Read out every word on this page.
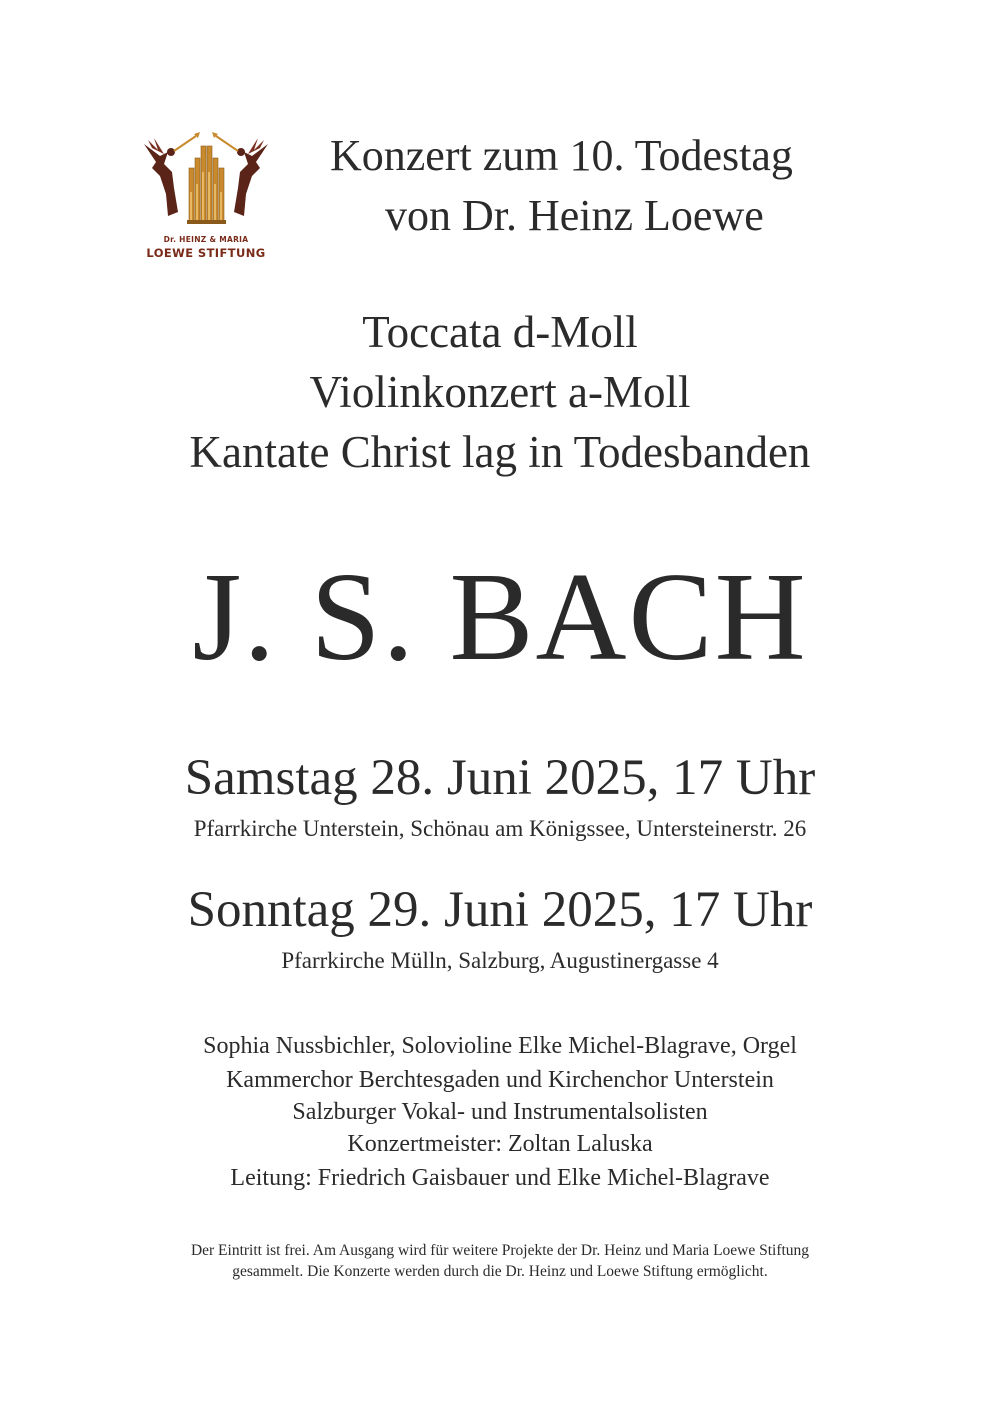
Dr. HEINZ & MARIA
LOEWE STIFTUNG
Konzert zum 10. Todestag
von Dr. Heinz Loewe
Toccata d-Moll
Violinkonzert a-Moll
Kantate Christ lag in Todesbanden
J. S. BACH
Samstag 28. Juni 2025, 17 Uhr
Pfarrkirche Unterstein, Schönau am Königssee, Untersteinerstr. 26
Sonntag 29. Juni 2025, 17 Uhr
Pfarrkirche Mülln, Salzburg, Augustinergasse 4
Sophia Nussbichler, Solovioline Elke Michel-Blagrave, Orgel
Kammerchor Berchtesgaden und Kirchenchor Unterstein
Salzburger Vokal- und Instrumentalsolisten
Konzertmeister: Zoltan Laluska
Leitung: Friedrich Gaisbauer und Elke Michel-Blagrave
Der Eintritt ist frei. Am Ausgang wird für weitere Projekte der Dr. Heinz und Maria Loewe Stiftung
gesammelt. Die Konzerte werden durch die Dr. Heinz und Loewe Stiftung ermöglicht.
